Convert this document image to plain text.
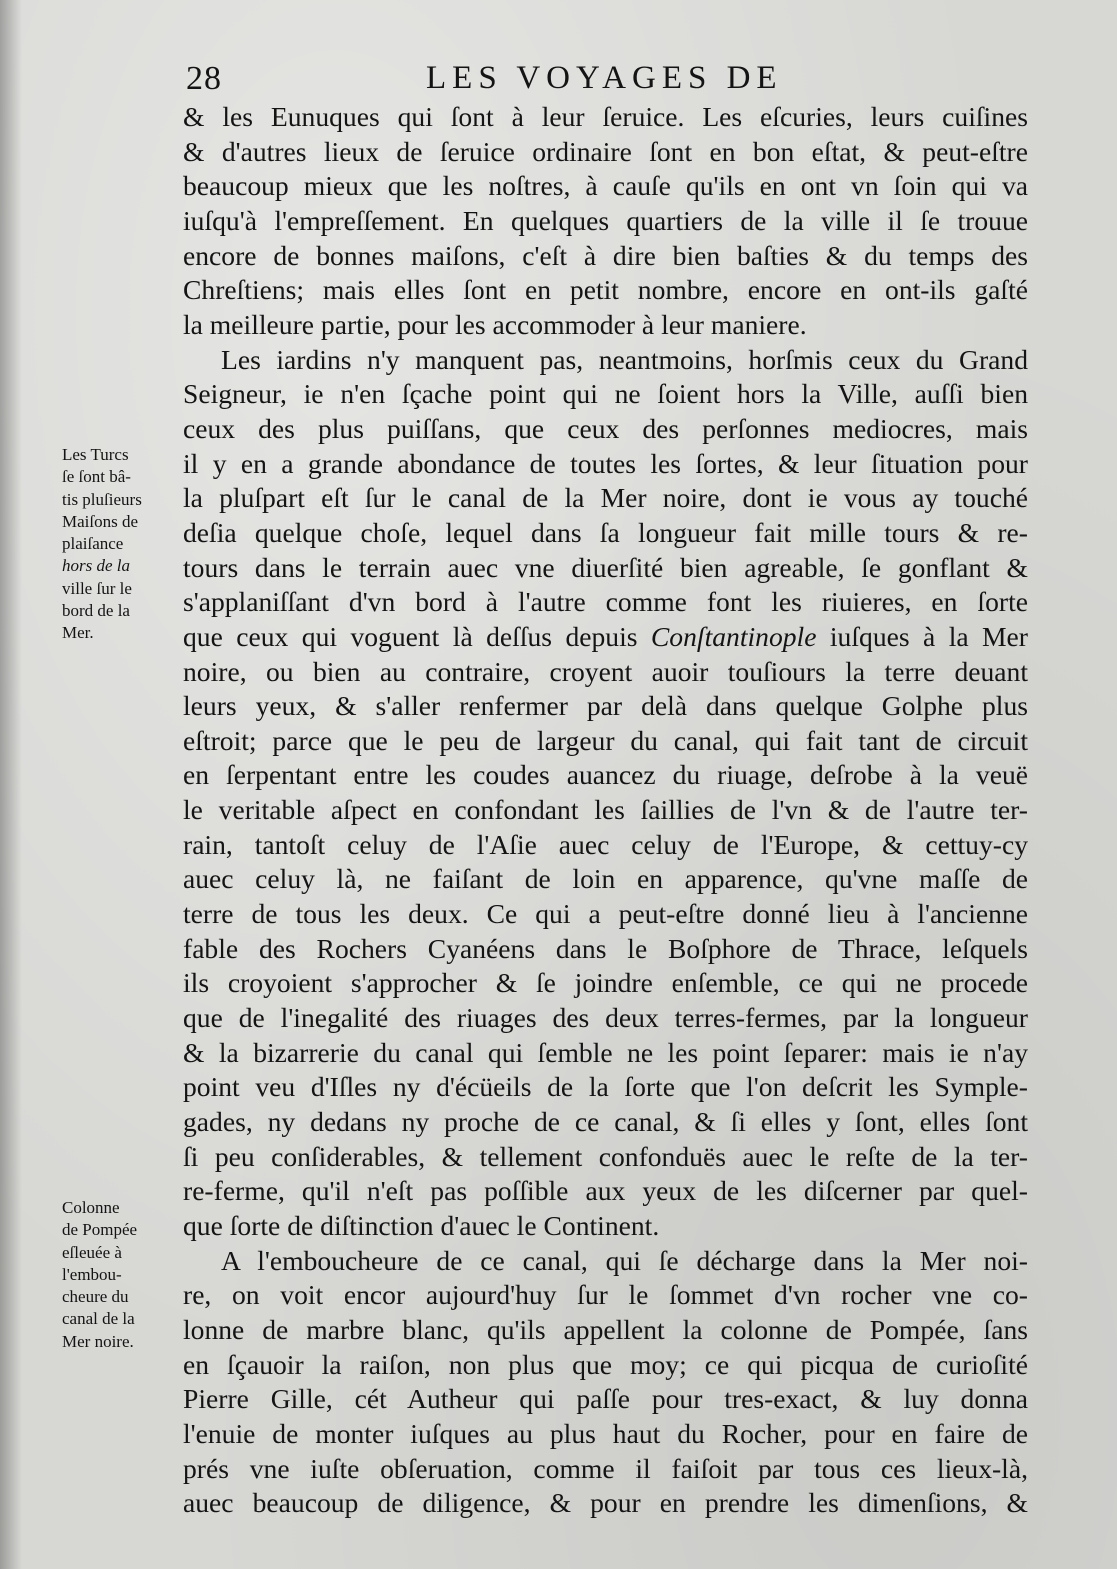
28	LES VOYAGES DE
& les Eunuques qui ſont à leur ſeruice. Les eſcuries, leurs cuiſines
& d'autres lieux de ſeruice ordinaire ſont en bon eſtat, & peut-eſtre
beaucoup mieux que les noſtres, à cauſe qu'ils en ont vn ſoin qui va
iuſqu'à l'empreſſement. En quelques quartiers de la ville il ſe trouue
encore de bonnes maiſons, c'eſt à dire bien baſties & du temps des
Chreſtiens; mais elles ſont en petit nombre, encore en ont-ils gaſté
la meilleure partie, pour les accommoder à leur maniere.
Les iardins n'y manquent pas, neantmoins, horſmis ceux du Grand
Seigneur, ie n'en ſçache point qui ne ſoient hors la Ville, auſſi bien
ceux des plus puiſſans, que ceux des perſonnes mediocres, mais
il y en a grande abondance de toutes les ſortes, & leur ſituation pour
la pluſpart eſt ſur le canal de la Mer noire, dont ie vous ay touché
deſia quelque choſe, lequel dans ſa longueur fait mille tours & re-
tours dans le terrain auec vne diuerſité bien agreable, ſe gonflant &
s'applaniſſant d'vn bord à l'autre comme font les riuieres, en ſorte
que ceux qui voguent là deſſus depuis Conſtantinople iuſques à la Mer
noire, ou bien au contraire, croyent auoir touſiours la terre deuant
leurs yeux, & s'aller renfermer par delà dans quelque Golphe plus
eſtroit; parce que le peu de largeur du canal, qui fait tant de circuit
en ſerpentant entre les coudes auancez du riuage, deſrobe à la veuë
le veritable aſpect en confondant les ſaillies de l'vn & de l'autre ter-
rain, tantoſt celuy de l'Aſie auec celuy de l'Europe, & cettuy-cy
auec celuy là, ne faiſant de loin en apparence, qu'vne maſſe de
terre de tous les deux. Ce qui a peut-eſtre donné lieu à l'ancienne
fable des Rochers Cyanéens dans le Boſphore de Thrace, leſquels
ils croyoient s'approcher & ſe joindre enſemble, ce qui ne procede
que de l'inegalité des riuages des deux terres-fermes, par la longueur
& la bizarrerie du canal qui ſemble ne les point ſeparer: mais ie n'ay
point veu d'Iſles ny d'écüeils de la ſorte que l'on deſcrit les Symple-
gades, ny dedans ny proche de ce canal, & ſi elles y ſont, elles ſont
ſi peu conſiderables, & tellement confonduës auec le reſte de la ter-
re-ferme, qu'il n'eſt pas poſſible aux yeux de les diſcerner par quel-
que ſorte de diſtinction d'auec le Continent.
A l'emboucheure de ce canal, qui ſe décharge dans la Mer noi-
re, on voit encor aujourd'huy ſur le ſommet d'vn rocher vne co-
lonne de marbre blanc, qu'ils appellent la colonne de Pompée, ſans
en ſçauoir la raiſon, non plus que moy; ce qui picqua de curioſité
Pierre Gille, cét Autheur qui paſſe pour tres-exact, & luy donna
l'enuie de monter iuſques au plus haut du Rocher, pour en faire de
prés vne iuſte obſeruation, comme il faiſoit par tous ces lieux-là,
auec beaucoup de diligence, & pour en prendre les dimenſions, &
Les Turcs
ſe ſont bâ-
tis pluſieurs
Maiſons de
plaiſance
hors de la
ville ſur le
bord de la
Mer.
Colonne
de Pompée
eſleuée à
l'embou-
cheure du
canal de la
Mer noire.
